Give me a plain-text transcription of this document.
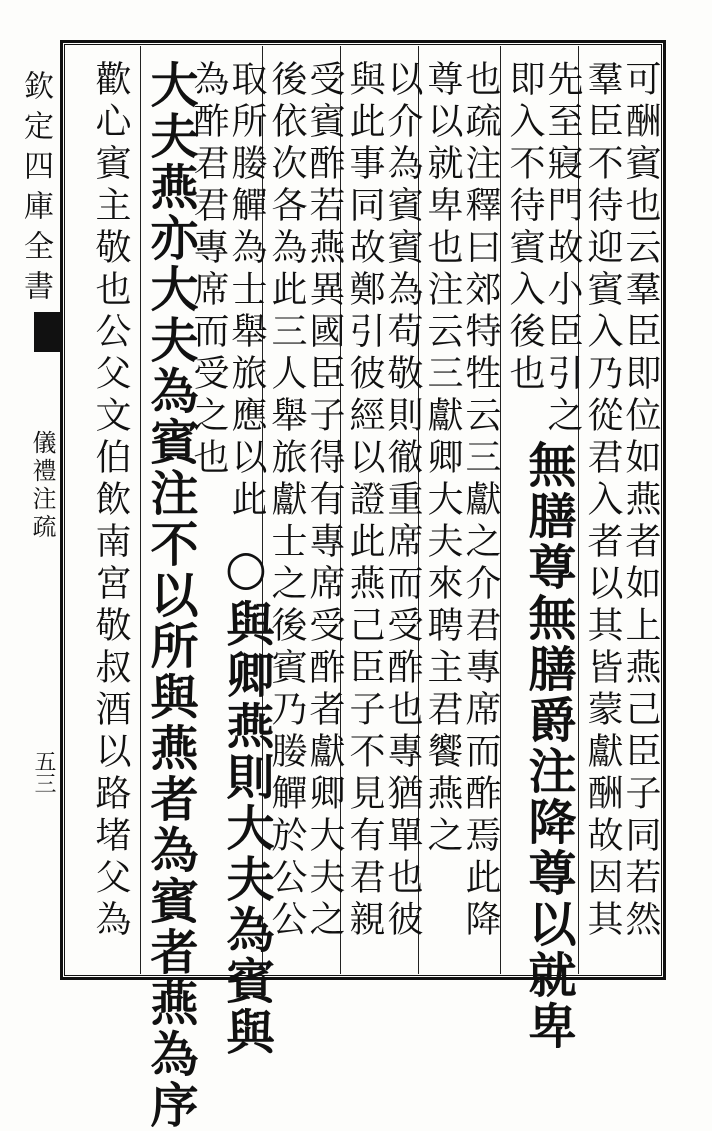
欽定四庫全書
儀禮注疏
五三	可酬賓也云羣臣即位如燕者如上燕己臣子同若然
羣臣不待迎賓入乃從君入者以其皆蒙獻酬故因其
先至寢門故小臣引之
即入不待賓入後也
無膳尊無膳爵注降尊以就卑
也疏注釋曰郊特牲云三獻之介君專席而酢焉此降
尊以就卑也注云三獻卿大夫來聘主君饗燕之
以介為賓賓為苟敬則徹重席而受酢也專猶單也彼
與此事同故鄭引彼經以證此燕己臣子不見有君親
受賓酢若燕異國臣子得有專席受酢者獻卿大夫之
後依次各為此三人舉旅獻士之後賓乃媵觶於公公
取所媵觶為士舉旅應以此
為酢君君專席而受之也
○與卿燕則大夫為賓與
大夫燕亦大夫為賓注不以所與燕者為賓者燕為序
歡心賓主敬也公父文伯飲南宮敬叔酒以路堵父為
